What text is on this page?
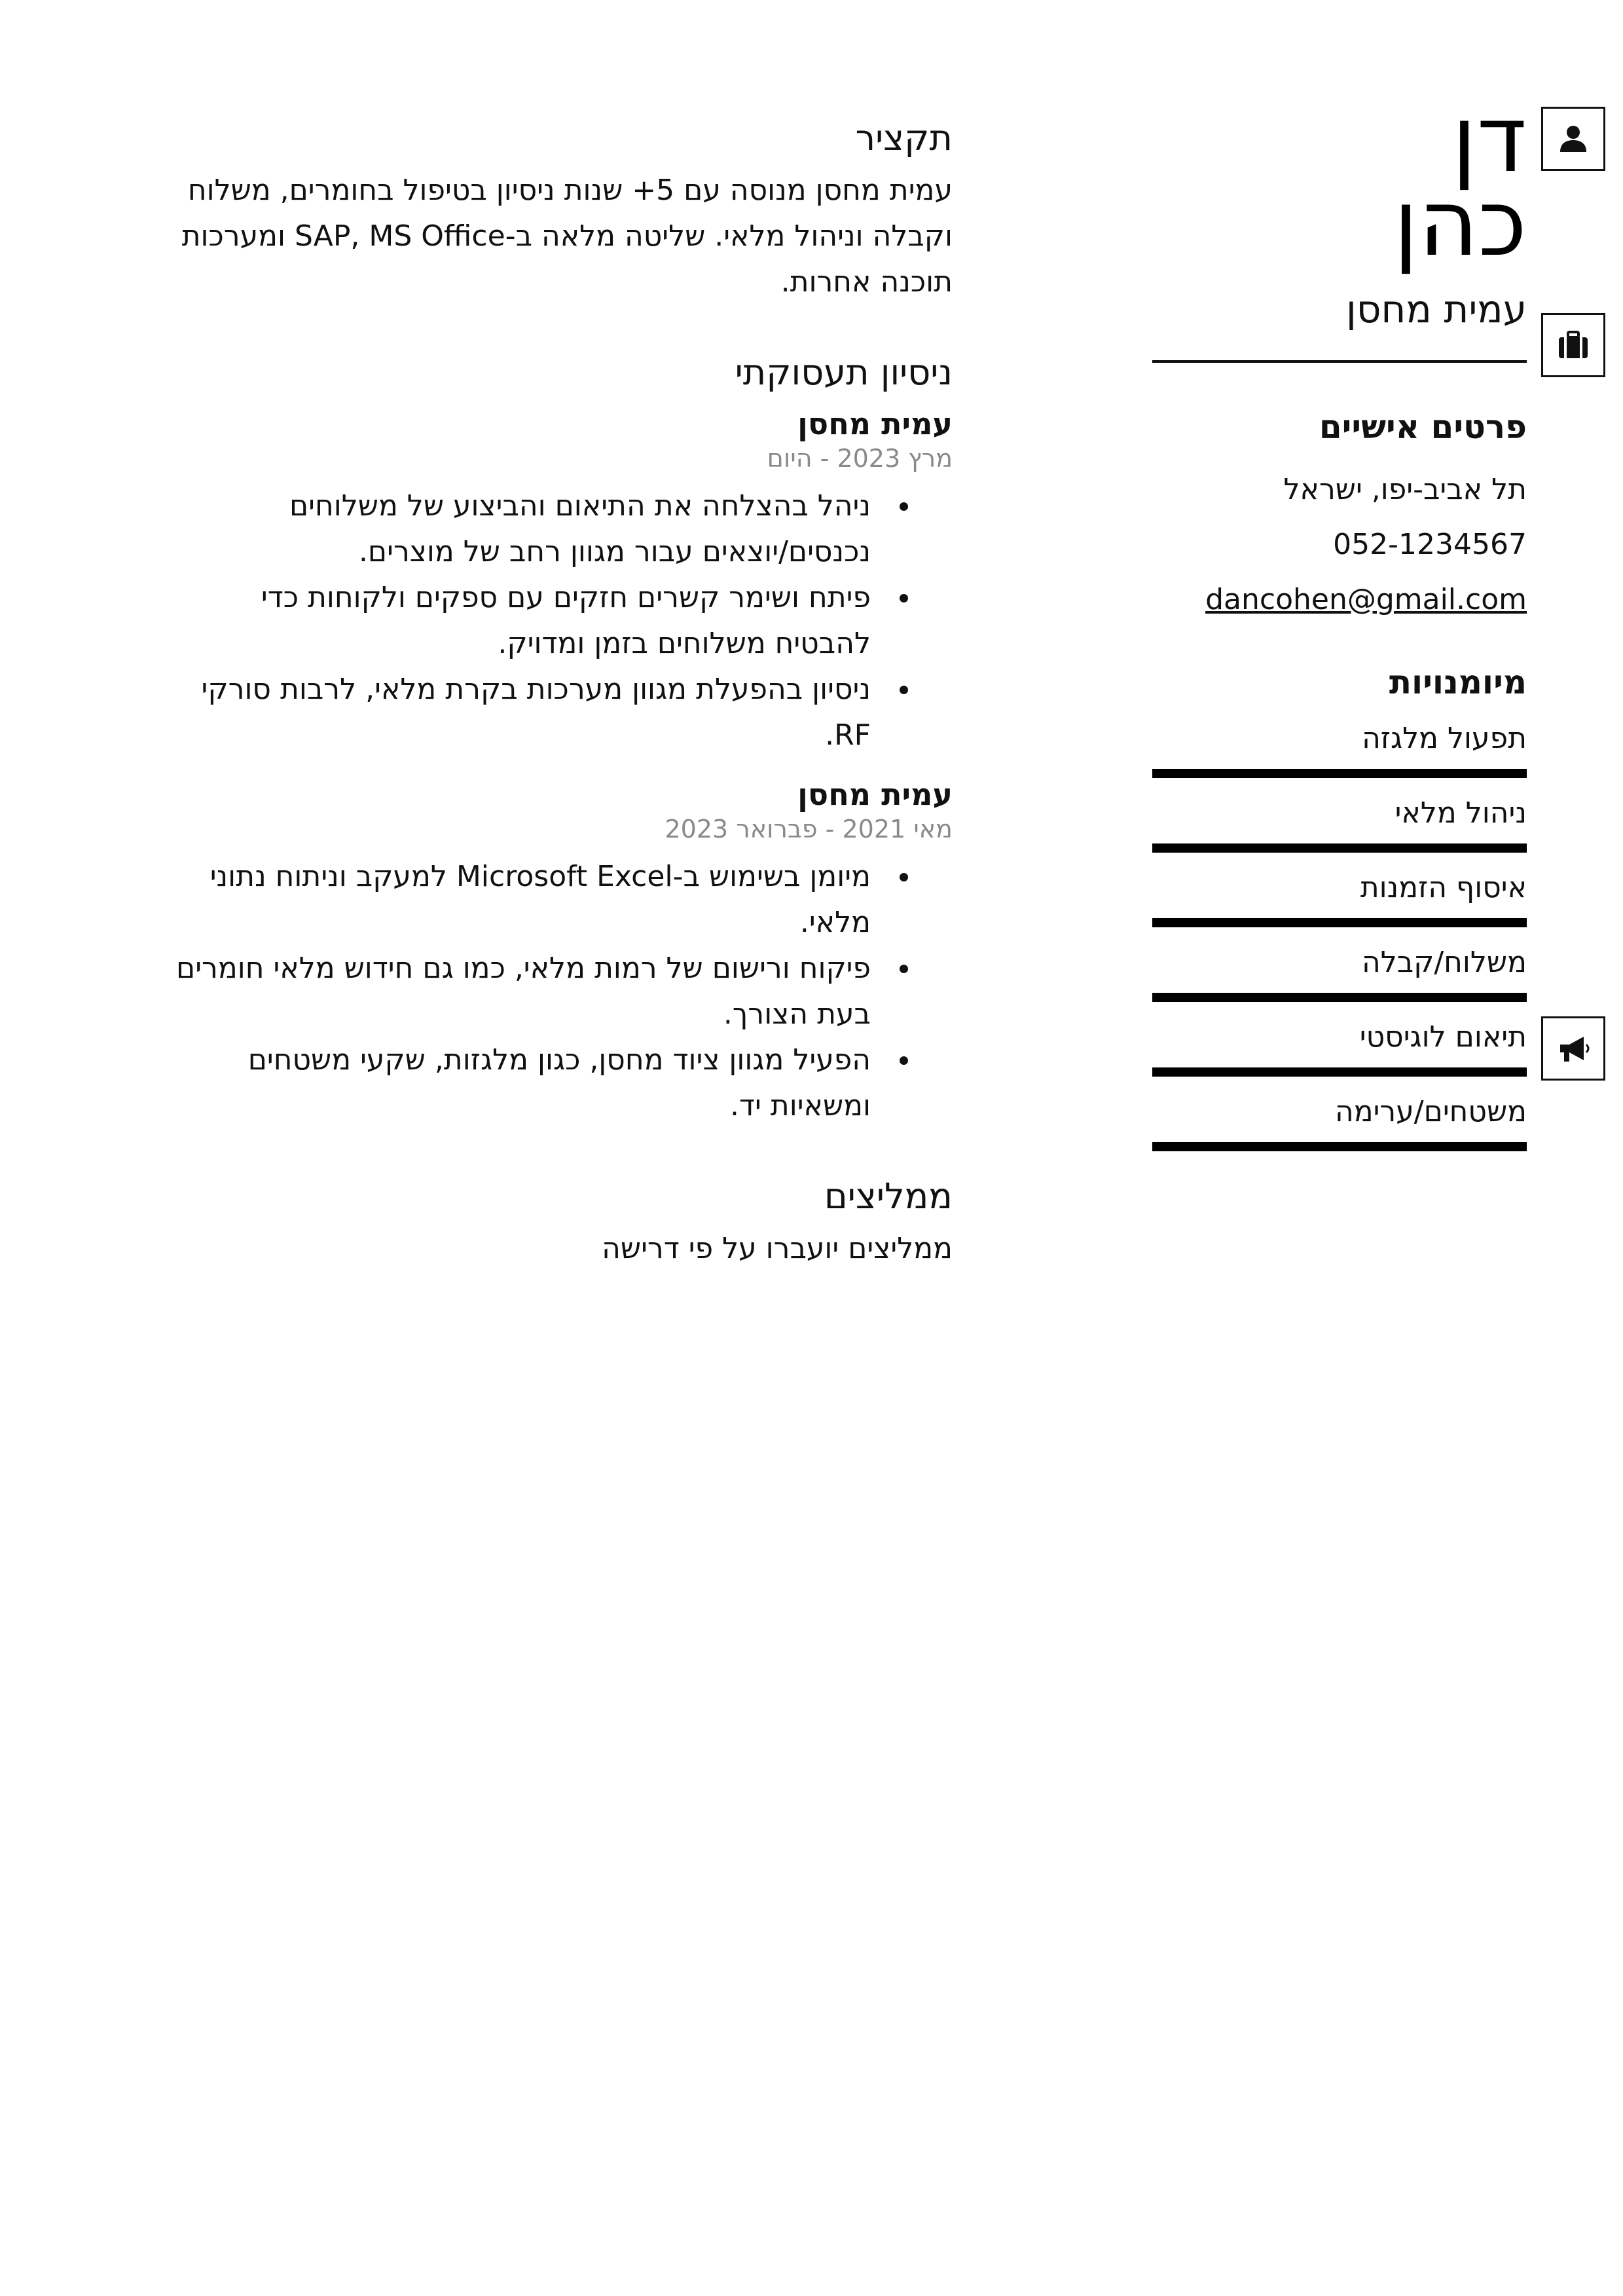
דן
כהן
עמית מחסן
פרטים אישיים
תל אביב-יפו, ישראל
052-1234567
dancohen@gmail.com
מיומנויות
תפעול מלגזה
ניהול מלאי
איסוף הזמנות
משלוח/קבלה
תיאום לוגיסטי
משטחים/ערימה
תקציר

עמית מחסן מנוסה עם 5+ שנות ניסיון בטיפול בחומרים, משלוח וקבלה וניהול מלאי. שליטה מלאה ב-SAP, MS Office ומערכות תוכנה אחרות.

ניסיון תעסוקתי
עמית מחסן
מרץ 2023 - היום
ניהל בהצלחה את התיאום והביצוע של משלוחים נכנסים/יוצאים עבור מגוון רחב של מוצרים.
פיתח ושימר קשרים חזקים עם ספקים ולקוחות כדי להבטיח משלוחים בזמן ומדויק.
ניסיון בהפעלת מגוון מערכות בקרת מלאי, לרבות סורקי RF.
עמית מחסן
מאי 2021 - פברואר 2023
מיומן בשימוש ב-Microsoft Excel למעקב וניתוח נתוני מלאי.
פיקוח ורישום של רמות מלאי, כמו גם חידוש מלאי חומרים בעת הצורך.
הפעיל מגוון ציוד מחסן, כגון מלגזות, שקעי משטחים ומשאיות יד.
ממליצים

ממליצים יועברו על פי דרישה
